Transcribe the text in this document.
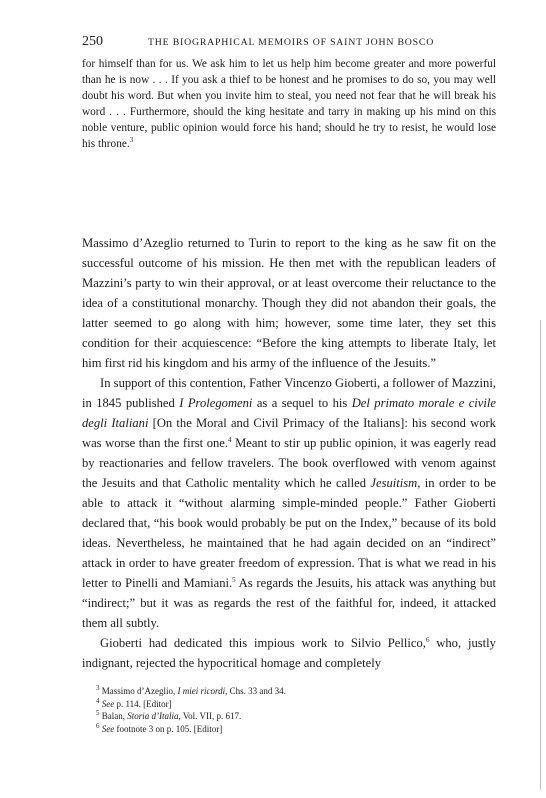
250	THE BIOGRAPHICAL MEMOIRS OF SAINT JOHN BOSCO

for himself than for us. We ask him to let us help him become greater and more powerful than he is now . . . If you ask a thief to be honest and he promises to do so, you may well doubt his word. But when you invite him to steal, you need not fear that he will break his word . . . Furthermore, should the king hesitate and tarry in making up his mind on this noble venture, public opinion would force his hand; should he try to resist, he would lose his throne.$^3$

Massimo d’Azeglio returned to Turin to report to the king as he saw fit on the successful outcome of his mission. He then met with the republican leaders of Mazzini’s party to win their approval, or at least overcome their reluctance to the idea of a constitutional monarchy. Though they did not abandon their goals, the latter seemed to go along with him; however, some time later, they set this condition for their acquiescence: “Before the king attempts to liberate Italy, let him first rid his kingdom and his army of the influence of the Jesuits.”

In support of this contention, Father Vincenzo Gioberti, a follower of Mazzini, in 1845 published I Prolegomeni as a sequel to his Del primato morale e civile degli Italiani [On the Moral and Civil Primacy of the Italians]: his second work was worse than the first one.$^4$ Meant to stir up public opinion, it was eagerly read by reactionaries and fellow travelers. The book overflowed with venom against the Jesuits and that Catholic mentality which he called Jesuitism, in order to be able to attack it “without alarming simple-minded people.” Father Gioberti declared that, “his book would probably be put on the Index,” because of its bold ideas. Nevertheless, he maintained that he had again decided on an “indirect” attack in order to have greater freedom of expression. That is what we read in his letter to Pinelli and Mamiani.$^5$ As regards the Jesuits, his attack was anything but “indirect;” but it was as regards the rest of the faithful for, indeed, it attacked them all subtly.

Gioberti had dedicated this impious work to Silvio Pellico,$^6$ who, justly indignant, rejected the hypocritical homage and completely

$^3$ Massimo d’Azeglio, I miei ricordi, Chs. 33 and 34.

$^4$ See p. 114. [Editor]

$^5$ Balan, Storia d’Italia, Vol. VII, p. 617.

$^6$ See footnote 3 on p. 105. [Editor]
